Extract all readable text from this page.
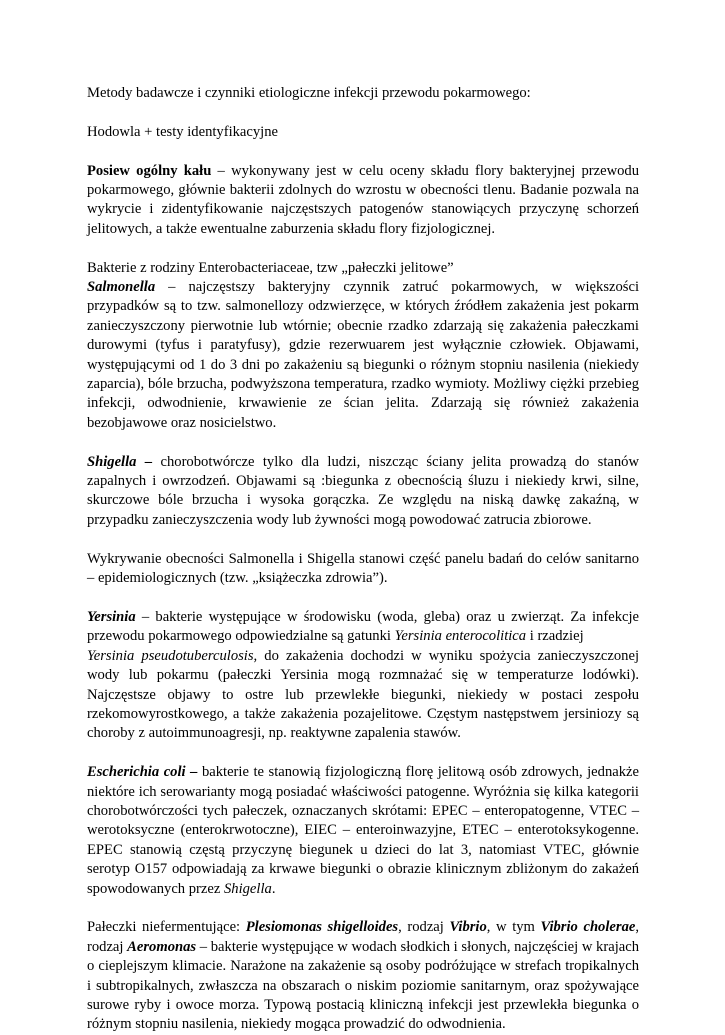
Metody badawcze i czynniki etiologiczne infekcji przewodu pokarmowego:

Hodowla + testy identyfikacyjne

Posiew ogólny kału – wykonywany jest w celu oceny składu flory bakteryjnej przewodu pokarmowego, głównie bakterii zdolnych do wzrostu w obecności tlenu. Badanie pozwala na wykrycie i zidentyfikowanie najczęstszych patogenów stanowiących przyczynę schorzeń jelitowych, a także ewentualne zaburzenia składu flory fizjologicznej.

Bakterie z rodziny Enterobacteriaceae, tzw „pałeczki jelitowe”

Salmonella – najczęstszy bakteryjny czynnik zatruć pokarmowych, w większości przypadków są to tzw. salmonellozy odzwierzęce, w których źródłem zakażenia jest pokarm zanieczyszczony pierwotnie lub wtórnie; obecnie rzadko zdarzają się zakażenia pałeczkami durowymi (tyfus i paratyfusy), gdzie rezerwuarem jest wyłącznie człowiek. Objawami, występującymi od 1 do 3 dni po zakażeniu są biegunki o różnym stopniu nasilenia (niekiedy zaparcia), bóle brzucha, podwyższona temperatura, rzadko wymioty. Możliwy ciężki przebieg infekcji, odwodnienie, krwawienie ze ścian jelita. Zdarzają się również zakażenia bezobjawowe oraz nosicielstwo.

Shigella – chorobotwórcze tylko dla ludzi, niszcząc ściany jelita prowadzą do stanów zapalnych i owrzodzeń. Objawami są :biegunka z obecnością śluzu i niekiedy krwi, silne, skurczowe bóle brzucha i wysoka gorączka. Ze względu na niską dawkę zakaźną, w przypadku zanieczyszczenia wody lub żywności mogą powodować zatrucia zbiorowe.

Wykrywanie obecności Salmonella i Shigella stanowi część panelu badań do celów sanitarno – epidemiologicznych (tzw. „książeczka zdrowia”).

Yersinia – bakterie występujące w środowisku (woda, gleba) oraz u zwierząt. Za infekcje przewodu pokarmowego odpowiedzialne są gatunki Yersinia enterocolitica i rzadziej
Yersinia pseudotuberculosis, do zakażenia dochodzi w wyniku spożycia zanieczyszczonej wody lub pokarmu (pałeczki Yersinia mogą rozmnażać się w temperaturze lodówki). Najczęstsze objawy to ostre lub przewlekłe biegunki, niekiedy w postaci zespołu rzekomowyrostkowego, a także zakażenia pozajelitowe. Częstym następstwem jersiniozy są choroby z autoimmunoagresji, np. reaktywne zapalenia stawów.

Escherichia coli – bakterie te stanowią fizjologiczną florę jelitową osób zdrowych, jednakże niektóre ich serowarianty mogą posiadać właściwości patogenne. Wyróżnia się kilka kategorii chorobotwórczości tych pałeczek, oznaczanych skrótami: EPEC – enteropatogenne, VTEC – werotoksyczne (enterokrwotoczne), EIEC – enteroinwazyjne, ETEC – enterotoksykogenne. EPEC stanowią częstą przyczynę biegunek u dzieci do lat 3, natomiast VTEC, głównie serotyp O157 odpowiadają za krwawe biegunki o obrazie klinicznym zbliżonym do zakażeń spowodowanych przez Shigella.

Pałeczki niefermentujące: Plesiomonas shigelloides, rodzaj Vibrio, w tym Vibrio cholerae, rodzaj Aeromonas – bakterie występujące w wodach słodkich i słonych, najczęściej w krajach o cieplejszym klimacie. Narażone na zakażenie są osoby podróżujące w strefach tropikalnych i subtropikalnych, zwłaszcza na obszarach o niskim poziomie sanitarnym, oraz spożywające surowe ryby i owoce morza. Typową postacią kliniczną infekcji jest przewlekła biegunka o różnym stopniu nasilenia, niekiedy mogąca prowadzić do odwodnienia.
